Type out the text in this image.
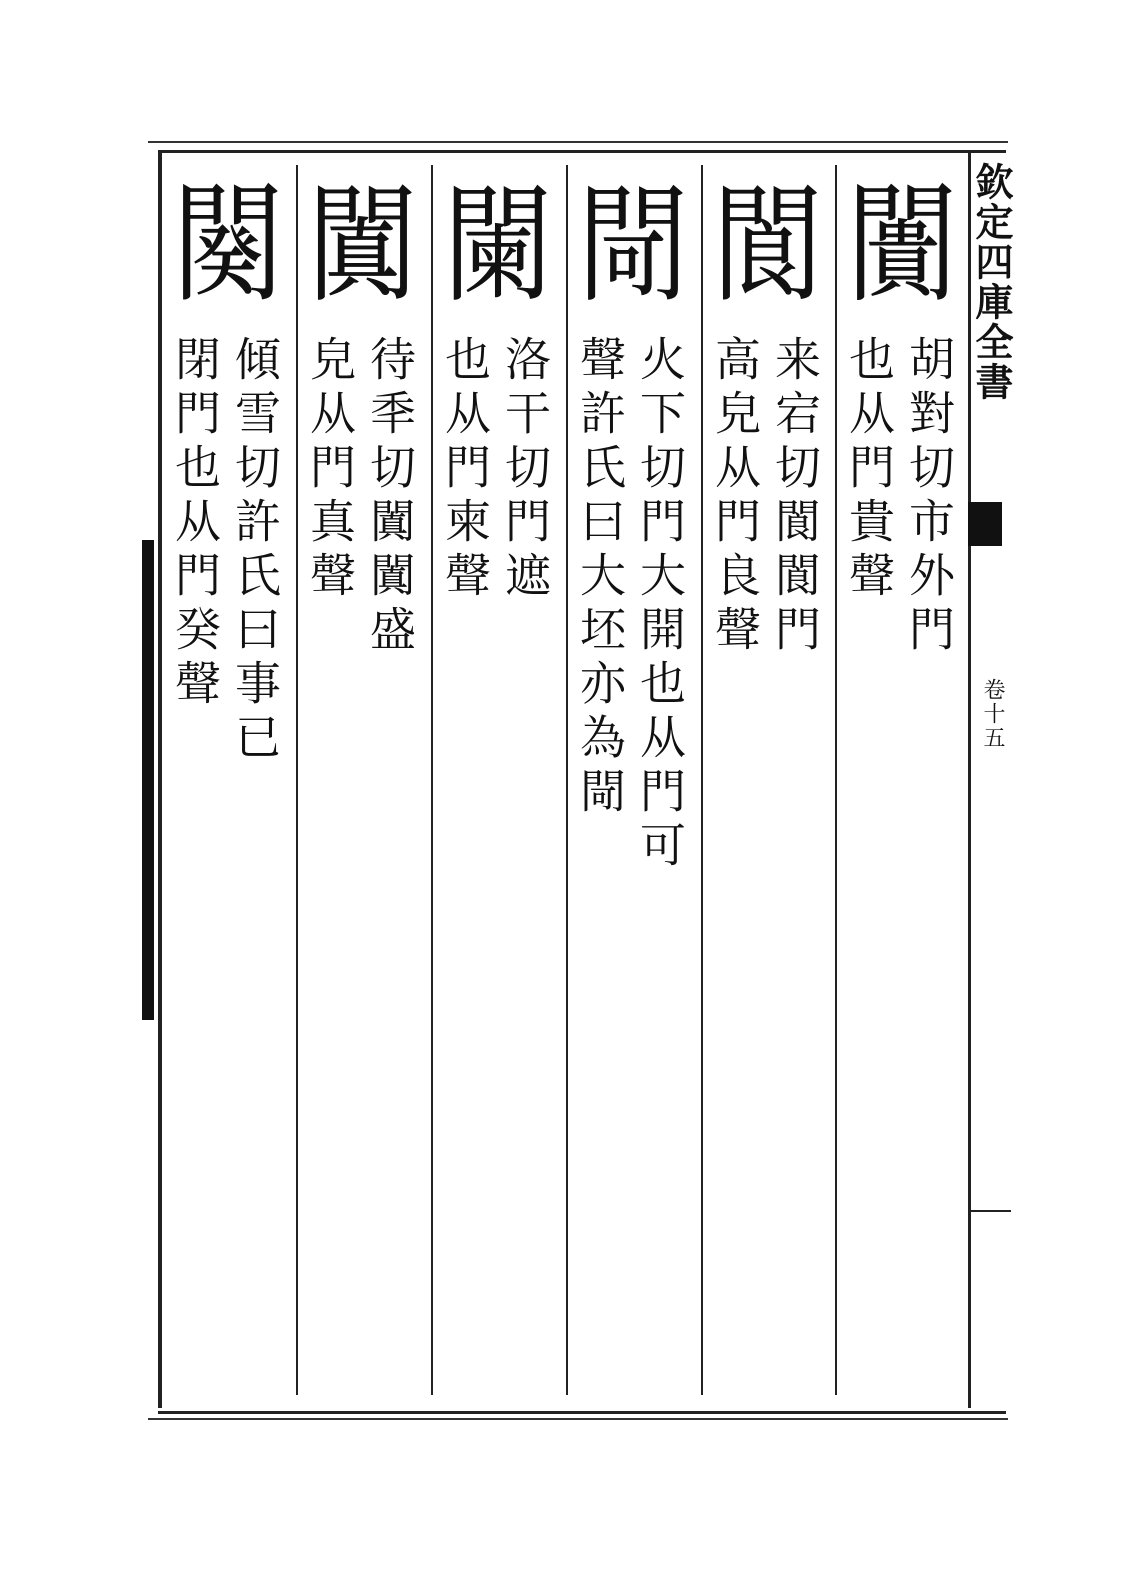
欽定四庫全書
卷十五
闠
胡對切市外門
也从門貴聲
閬
来宕切閬閬門
高皃从門良聲
閜
火下切門大開也从門可
聲許氏曰大坯亦為閜
闌
洛干切門遮
也从門柬聲
闐
待秊切闐闐盛
皃从門真聲
闋
傾雪切許氏曰事已
閉門也从門癸聲
